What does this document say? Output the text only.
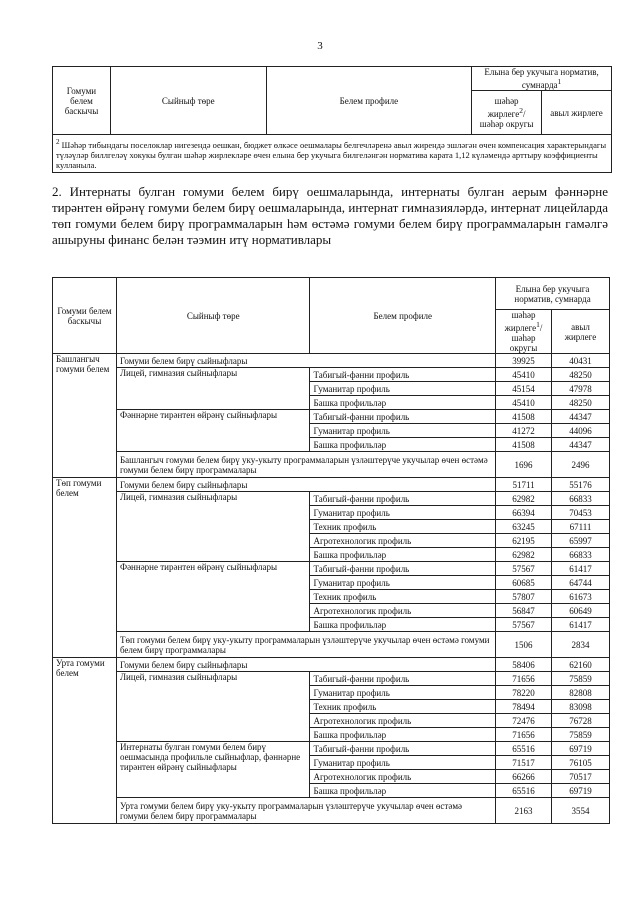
3
Гомуми белем баскычы	Сыйныф төре	Белем профиле	Елына бер укучыга норматив, сумнарда$^1$
			шәһәр жирлеге$^2$/ шәһәр округы	авыл жирлеге
$^2$ Шәһәр тибындагы поселоклар нигезендә оешкан, бюджет өлкәсе оешмалары белгечләренә авыл жирендә эшләгән өчен компенсация характерындагы түләүләр биллгеләү хокукы булган шәһәр жирлекләре өчен елына бер укучыга билгеләнгән норматива карата 1,12 күләмендә арттыру коэффициенты кулланыла.				
2. Интернаты булган гомуми белем бирү оешмаларында, интернаты булган аерым фәннәрне тирәнтен өйрәнү гомуми белем бирү оешмаларында, интернат гимназияләрдә, интернат лицейларда төп гомуми белем бирү программаларын һәм өстәмә гомуми белем бирү программаларын гамәлгә ашыруны финанс белән тәэмин итү нормативлары
Гомуми белем баскычы	Сыйныф төре	Белем профиле	Елына бер укучыга норматив, сумнарда	
			шәһәр жирлеге$^1$/ шәһәр округы	авыл жирлеге
Башлангыч гомуми белем	Гомуми белем бирү сыйныфлары		39925	40431
	Лицей, гимназия сыйныфлары	Табигый-фәнни профиль	45410	48250
		Гуманитар профиль	45154	47978
		Башка профильләр	45410	48250
	Фәннәрне тирәнтен өйрәнү сыйныфлары	Табигый-фәнни профиль	41508	44347
		Гуманитар профиль	41272	44096
		Башка профильләр	41508	44347
	Башлангыч гомуми белем бирү уку-укыту программаларын үзләштерүче укучылар өчен өстәмә гомуми белем бирү программалары		1696	2496
Төп гомуми белем	Гомуми белем бирү сыйныфлары		51711	55176
	Лицей, гимназия сыйныфлары	Табигый-фәнни профиль	62982	66833
		Гуманитар профиль	66394	70453
		Техник профиль	63245	67111
		Агротехнологик профиль	62195	65997
		Башка профильләр	62982	66833
	Фәннәрне тирәнтен өйрәнү сыйныфлары	Табигый-фәнни профиль	57567	61417
		Гуманитар профиль	60685	64744
		Техник профиль	57807	61673
		Агротехнологик профиль	56847	60649
		Башка профильләр	57567	61417
	Төп гомуми белем бирү уку-укыту программаларын үзләштерүче укучылар өчен өстәмә гомуми белем бирү программалары		1506	2834
Урта гомуми белем	Гомуми белем бирү сыйныфлары		58406	62160
	Лицей, гимназия сыйныфлары	Табигый-фәнни профиль	71656	75859
		Гуманитар профиль	78220	82808
		Техник профиль	78494	83098
		Агротехнологик профиль	72476	76728
		Башка профильләр	71656	75859
	Интернаты булган гомуми белем бирү оешмасында профильле сыйныфлар, фәннәрне тирәнтен өйрәнү сыйныфлары	Табигый-фәнни профиль	65516	69719
		Гуманитар профиль	71517	76105
		Агротехнологик профиль	66266	70517
		Башка профильләр	65516	69719
	Урта гомуми белем бирү уку-укыту программаларын үзләштерүче укучылар өчен өстәмә гомуми белем бирү программалары		2163	3554
